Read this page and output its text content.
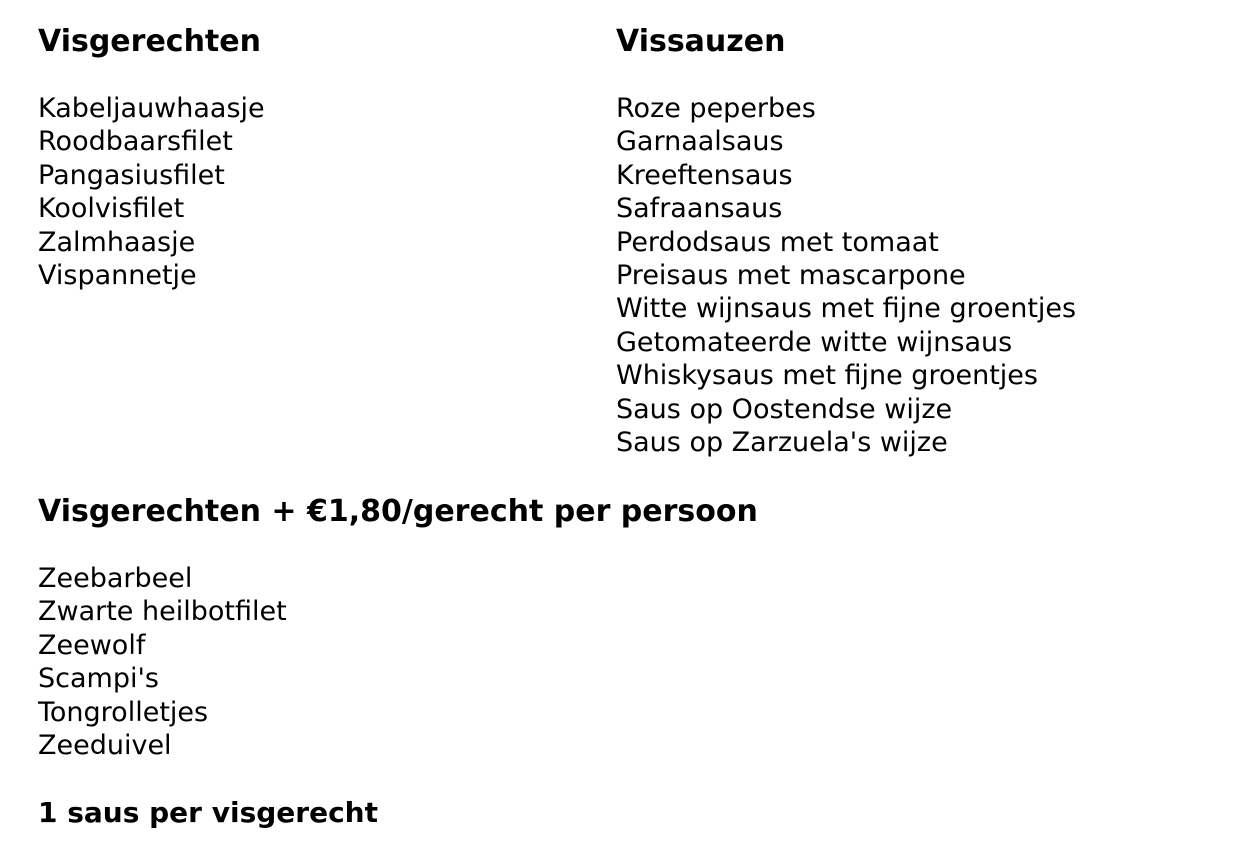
Visgerechten
Kabeljauwhaasje
Roodbaarsfilet
Pangasiusfilet
Koolvisfilet
Zalmhaasje
Vispannetje
Vissauzen
Roze peperbes
Garnaalsaus
Kreeftensaus
Safraansaus
Perdodsaus met tomaat
Preisaus met mascarpone
Witte wijnsaus met fijne groentjes
Getomateerde witte wijnsaus
Whiskysaus met fijne groentjes
Saus op Oostendse wijze
Saus op Zarzuela's wijze
Visgerechten + €1,80/gerecht per persoon
Zeebarbeel
Zwarte heilbotfilet
Zeewolf
Scampi's
Tongrolletjes
Zeeduivel

1 saus per visgerecht
